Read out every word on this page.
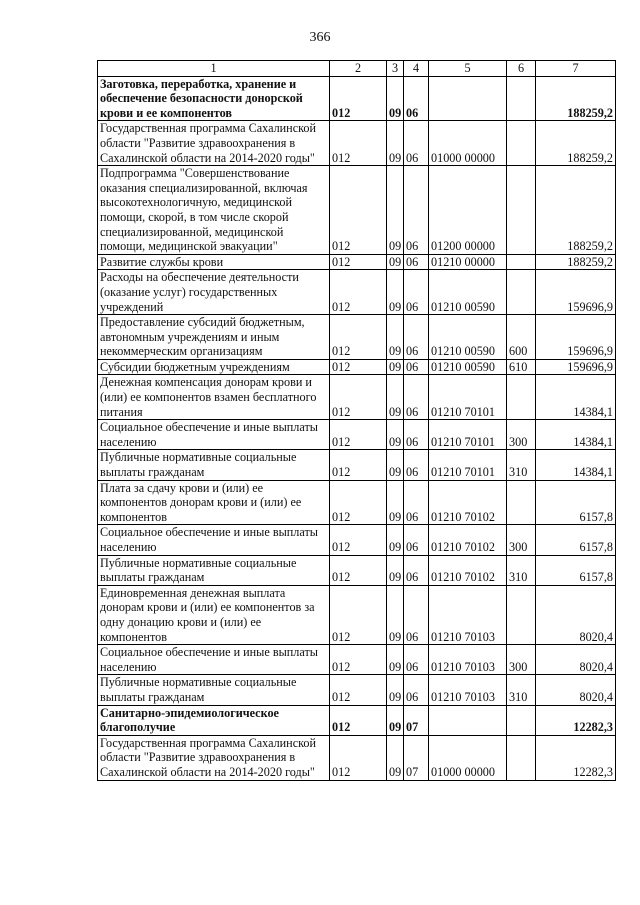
366
1	2	3	4	5	6	7
Заготовка, переработка, хранение и обеспечение безопасности донорской крови и ее компонентов	012	09	06			188259,2
Государственная программа Сахалинской области "Развитие здравоохранения в Сахалинской области на 2014-2020 годы"	012	09	06	01000 00000		188259,2
Подпрограмма "Совершенствование оказания специализированной, включая высокотехнологичную, медицинской помощи, скорой, в том числе скорой специализированной, медицинской помощи, медицинской эвакуации"	012	09	06	01200 00000		188259,2
Развитие службы крови	012	09	06	01210 00000		188259,2
Расходы на обеспечение деятельности (оказание услуг) государственных учреждений	012	09	06	01210 00590		159696,9
Предоставление субсидий бюджетным, автономным учреждениям и иным некоммерческим организациям	012	09	06	01210 00590	600	159696,9
Субсидии бюджетным учреждениям	012	09	06	01210 00590	610	159696,9
Денежная компенсация донорам крови и (или) ее компонентов взамен бесплатного питания	012	09	06	01210 70101		14384,1
Социальное обеспечение и иные выплаты населению	012	09	06	01210 70101	300	14384,1
Публичные нормативные социальные выплаты гражданам	012	09	06	01210 70101	310	14384,1
Плата за сдачу крови и (или) ее компонентов донорам крови и (или) ее компонентов	012	09	06	01210 70102		6157,8
Социальное обеспечение и иные выплаты населению	012	09	06	01210 70102	300	6157,8
Публичные нормативные социальные выплаты гражданам	012	09	06	01210 70102	310	6157,8
Единовременная денежная выплата донорам крови и (или) ее компонентов за одну донацию крови и (или) ее компонентов	012	09	06	01210 70103		8020,4
Социальное обеспечение и иные выплаты населению	012	09	06	01210 70103	300	8020,4
Публичные нормативные социальные выплаты гражданам	012	09	06	01210 70103	310	8020,4
Санитарно-эпидемиологическое благополучие	012	09	07			12282,3
Государственная программа Сахалинской области "Развитие здравоохранения в Сахалинской области на 2014-2020 годы"	012	09	07	01000 00000		12282,3
